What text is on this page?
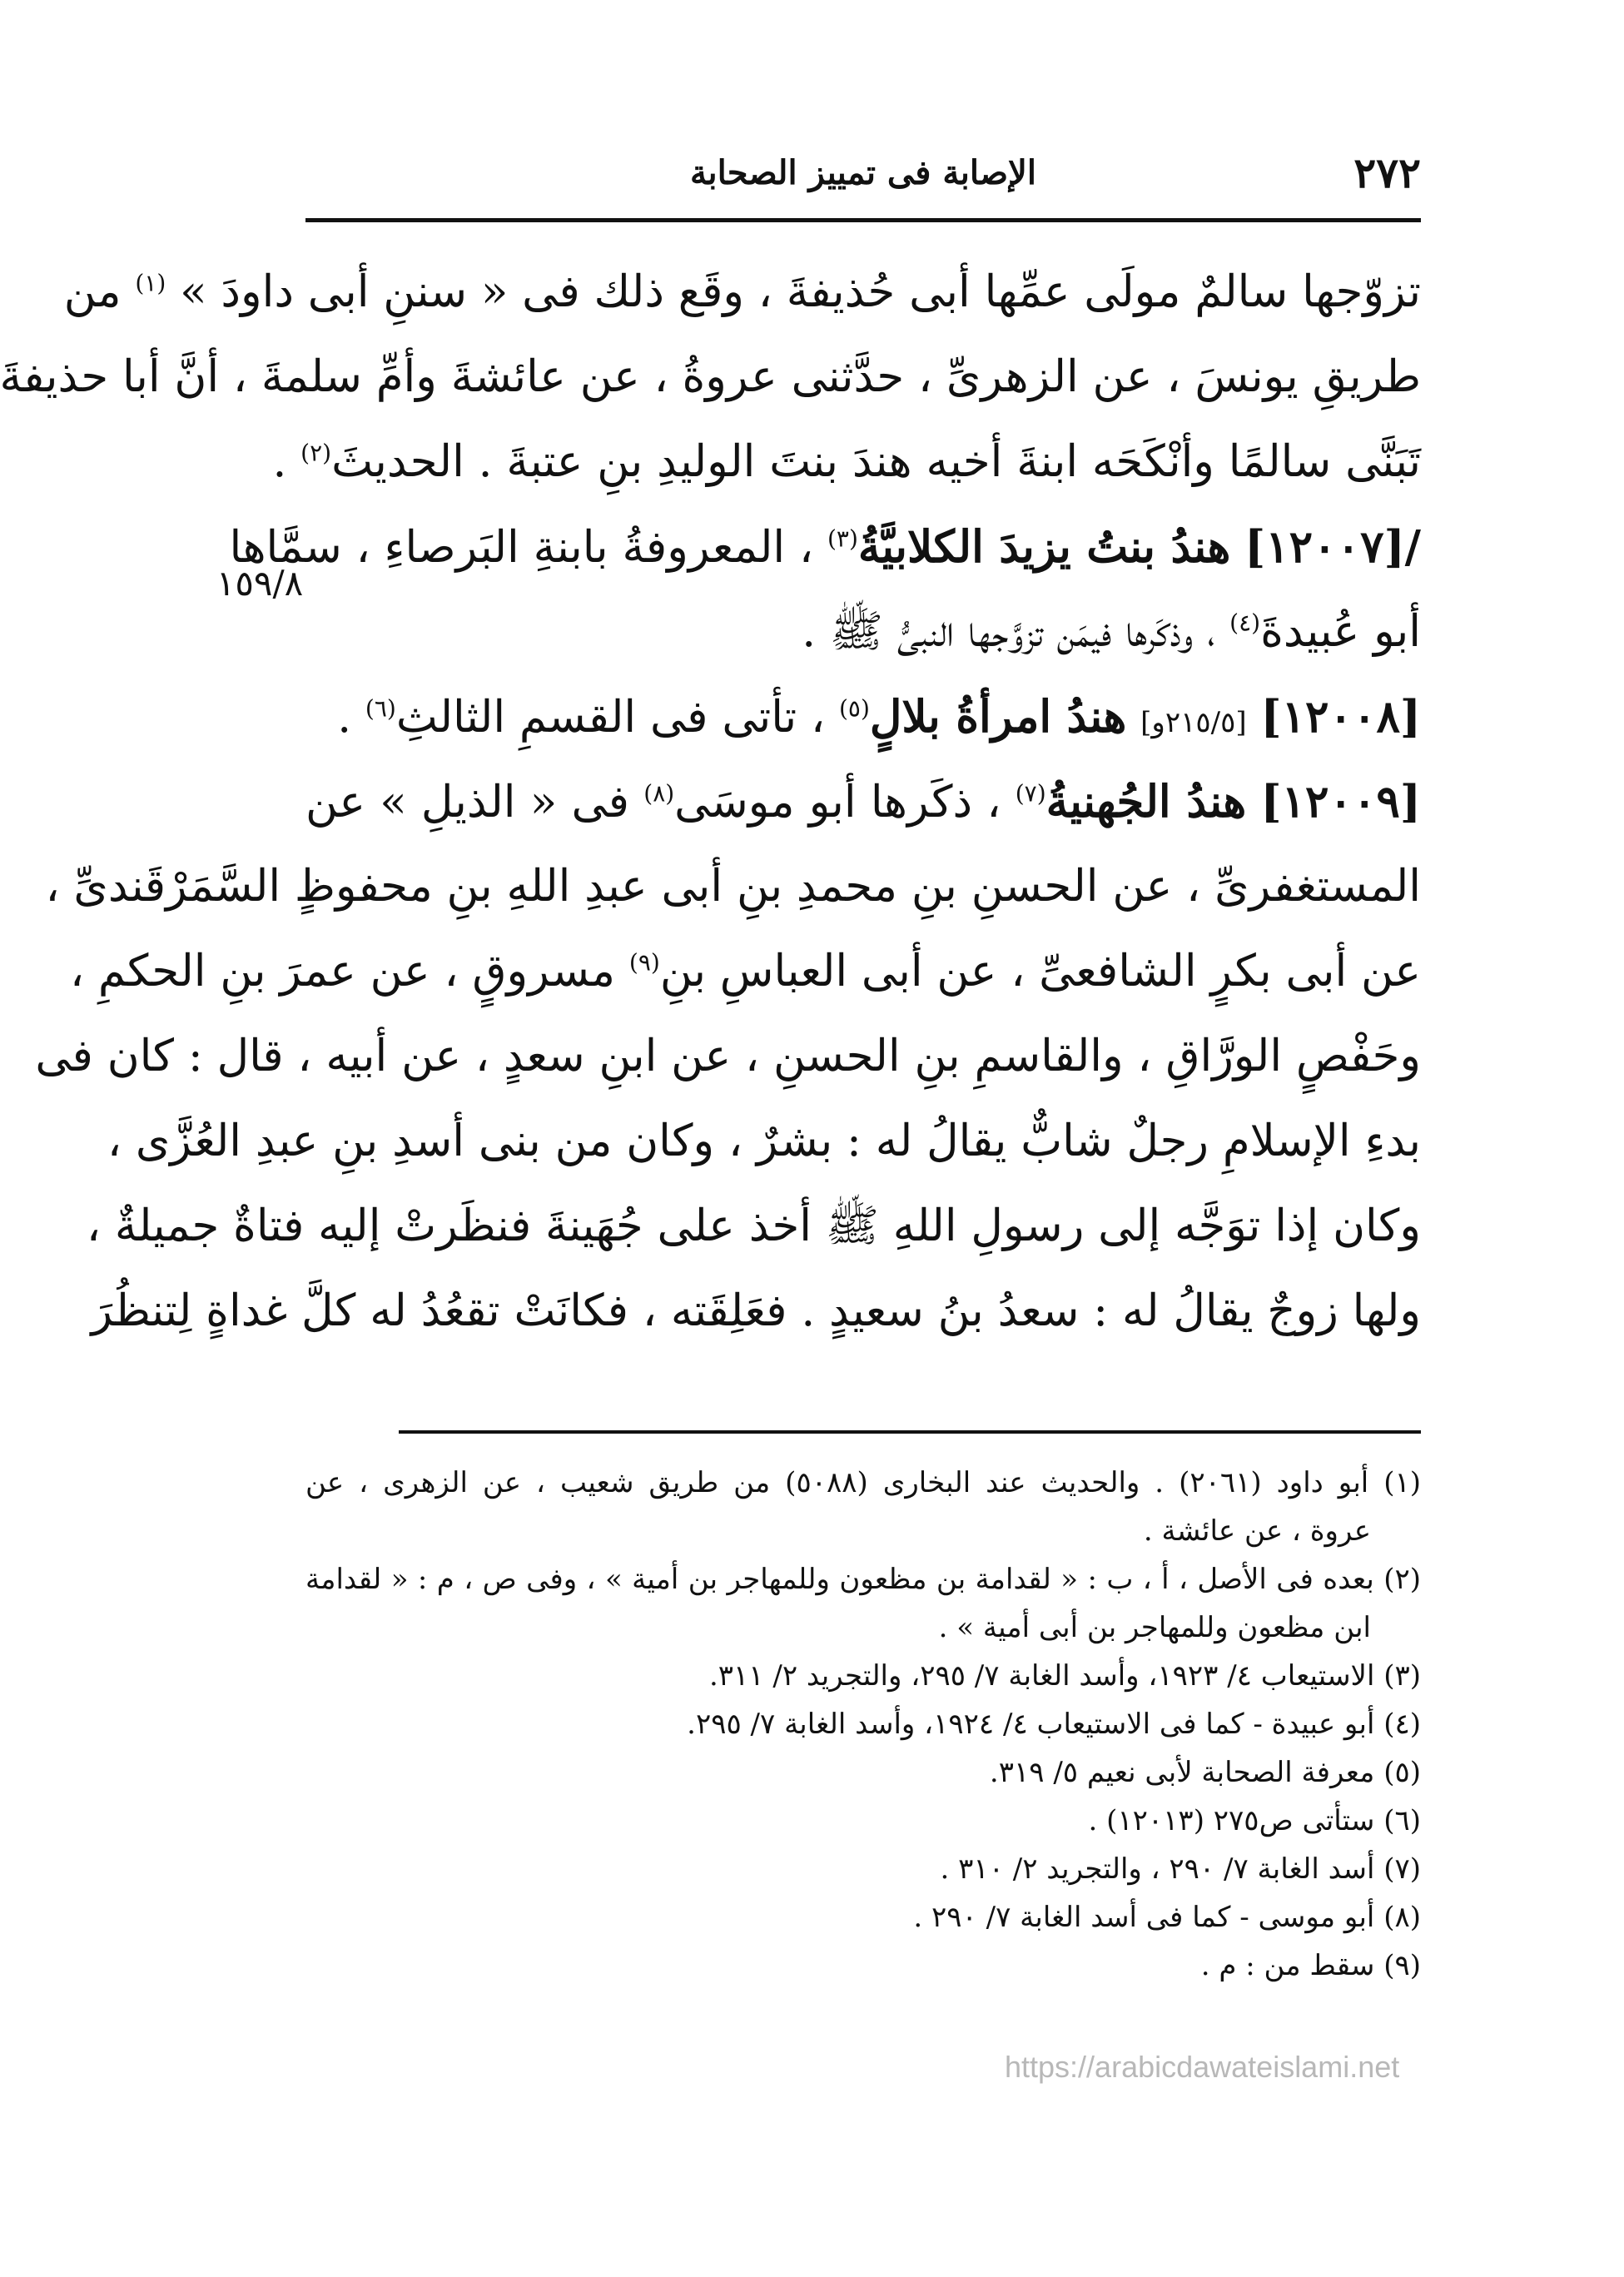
٢٧٢
الإصابة فى تمييز الصحابة
١٥٩/٨
تزوّجها سالمٌ مولَى عمِّها أبى حُذيفةَ ، وقَع ذلك فى « سننِ أبى داودَ » $^{(١)}$ من
طريقِ يونسَ ، عن الزهرىِّ ، حدَّثنى عروةُ ، عن عائشةَ وأمِّ سلمةَ ، أنَّ أبا حذيفةَ
تَبَنَّى سالمًا وأنْكَحَه ابنةَ أخيه هندَ بنتَ الوليدِ بنِ عتبةَ . الحديثَ$^{(٢)}$ .
/[١٢٠٠٧] هندُ بنتُ يزيدَ الكلابيَّةُ$^{(٣)}$ ، المعروفةُ بابنةِ البَرصاءِ ، سمَّاها
أبو عُبيدةَ$^{(٤)}$ ، وذكَرها فيمَن تزوَّجها النبىُّ ﷺ .
[١٢٠٠٨] [٢١٥/٥و] هندُ امرأةُ بلالٍ$^{(٥)}$ ، تأتى فى القسمِ الثالثِ$^{(٦)}$ .
[١٢٠٠٩] هندُ الجُهنيةُ$^{(٧)}$ ، ذكَرها أبو موسَى$^{(٨)}$ فى « الذيلِ » عن
المستغفرىِّ ، عن الحسنِ بنِ محمدِ بنِ أبى عبدِ اللهِ بنِ محفوظٍ السَّمَرْقَندىِّ ،
عن أبى بكرٍ الشافعىِّ ، عن أبى العباسِ بنِ$^{(٩)}$ مسروقٍ ، عن عمرَ بنِ الحكمِ ،
وحَفْصٍ الورَّاقِ ، والقاسمِ بنِ الحسنِ ، عن ابنِ سعدٍ ، عن أبيه ، قال : كان فى
بدءِ الإسلامِ رجلٌ شابٌّ يقالُ له : بشرٌ ، وكان من بنى أسدِ بنِ عبدِ العُزَّى ،
وكان إذا توَجَّه إلى رسولِ اللهِ ﷺ أخذ على جُهَينةَ فنظَرتْ إليه فتاةٌ جميلةٌ ،
ولها زوجٌ يقالُ له : سعدُ بنُ سعيدٍ . فعَلِقَته ، فكانَتْ تقعُدُ له كلَّ غداةٍ لِتنظُرَ
(١) أبو داود (٢٠٦١) . والحديث عند البخارى (٥٠٨٨) من طريق شعيب ، عن الزهرى ، عن
عروة ، عن عائشة .
(٢) بعده فى الأصل ، أ ، ب : « لقدامة بن مظعون وللمهاجر بن أمية » ، وفى ص ، م : « لقدامة
ابن مظعون وللمهاجر بن أبى أمية » .
(٣) الاستيعاب ٤/ ١٩٢٣، وأسد الغابة ٧/ ٢٩٥، والتجريد ٢/ ٣١١.
(٤) أبو عبيدة - كما فى الاستيعاب ٤/ ١٩٢٤، وأسد الغابة ٧/ ٢٩٥.
(٥) معرفة الصحابة لأبى نعيم ٥/ ٣١٩.
(٦) ستأتى ص٢٧٥ (١٢٠١٣) .
(٧) أسد الغابة ٧/ ٢٩٠ ، والتجريد ٢/ ٣١٠ .
(٨) أبو موسى - كما فى أسد الغابة ٧/ ٢٩٠ .
(٩) سقط من : م .
https://arabicdawateislami.net
